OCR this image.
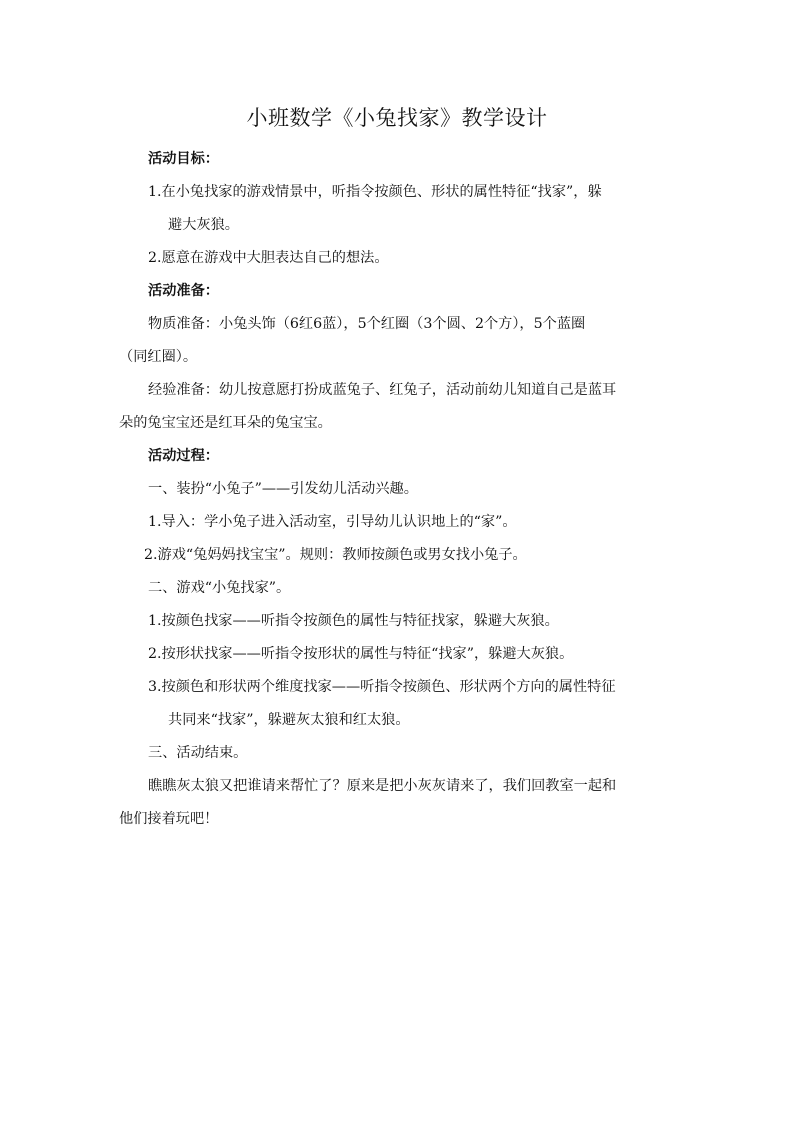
小班数学《小兔找家》教学设计

活动目标：

1.在小兔找家的游戏情景中，听指令按颜色、形状的属性特征“找家”，躲

避大灰狼。

2.愿意在游戏中大胆表达自己的想法。

活动准备：

物质准备：小兔头饰（6红6蓝），5个红圈（3个圆、2个方），5个蓝圈

（同红圈）。

经验准备：幼儿按意愿打扮成蓝兔子、红兔子，活动前幼儿知道自己是蓝耳

朵的兔宝宝还是红耳朵的兔宝宝。

活动过程：

一、装扮“小兔子”——引发幼儿活动兴趣。

1.导入：学小兔子进入活动室，引导幼儿认识地上的“家”。

2.游戏“兔妈妈找宝宝”。规则：教师按颜色或男女找小兔子。

二、游戏“小兔找家”。

1.按颜色找家——听指令按颜色的属性与特征找家，躲避大灰狼。

2.按形状找家——听指令按形状的属性与特征“找家”，躲避大灰狼。

3.按颜色和形状两个维度找家——听指令按颜色、形状两个方向的属性特征

共同来“找家”，躲避灰太狼和红太狼。

三、活动结束。

瞧瞧灰太狼又把谁请来帮忙了？原来是把小灰灰请来了，我们回教室一起和

他们接着玩吧！
